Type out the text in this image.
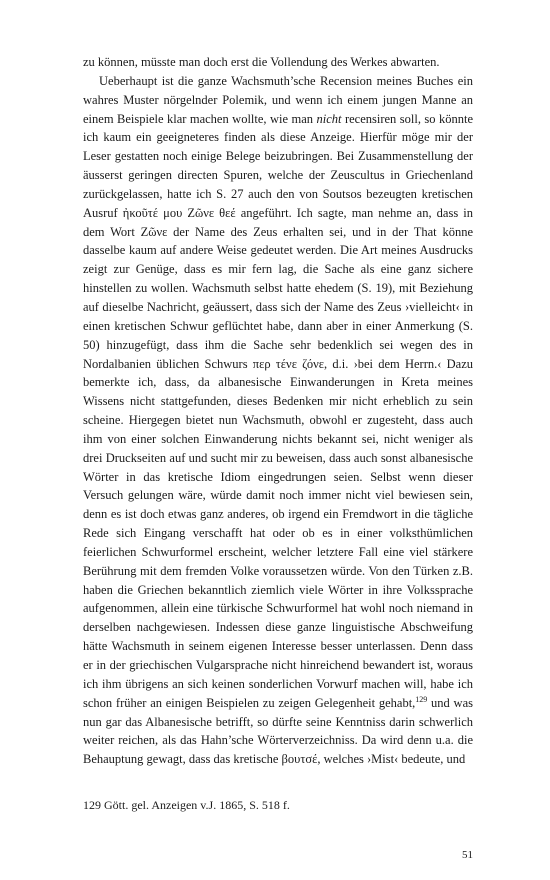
zu können, müsste man doch erst die Vollendung des Werkes abwarten.

Ueberhaupt ist die ganze Wachsmuth’sche Recension meines Buches ein wahres Muster nörgelnder Polemik, und wenn ich einem jungen Manne an einem Beispiele klar machen wollte, wie man nicht recensiren soll, so könnte ich kaum ein geeigneteres finden als diese Anzeige. Hierfür möge mir der Leser gestatten noch einige Belege beizubringen. Bei Zusammenstellung der äusserst geringen directen Spuren, welche der Zeuscultus in Griechenland zurückgelassen, hatte ich S. 27 auch den von Soutsos bezeugten kretischen Ausruf ἠκοῦτέ μου Ζῶνε θεέ angeführt. Ich sagte, man nehme an, dass in dem Wort Ζῶνε der Name des Zeus erhalten sei, und in der That könne dasselbe kaum auf andere Weise gedeutet werden. Die Art meines Ausdrucks zeigt zur Genüge, dass es mir fern lag, die Sache als eine ganz sichere hinstellen zu wollen. Wachsmuth selbst hatte ehedem (S. 19), mit Beziehung auf dieselbe Nachricht, geäussert, dass sich der Name des Zeus ›vielleicht‹ in einen kretischen Schwur geflüchtet habe, dann aber in einer Anmerkung (S. 50) hinzugefügt, dass ihm die Sache sehr bedenklich sei wegen des in Nordalbanien üblichen Schwurs περ τένε ζόνε, d.i. ›bei dem Herrn.‹ Dazu bemerkte ich, dass, da albanesische Einwanderungen in Kreta meines Wissens nicht stattgefunden, dieses Bedenken mir nicht erheblich zu sein scheine. Hiergegen bietet nun Wachsmuth, obwohl er zugesteht, dass auch ihm von einer solchen Einwanderung nichts bekannt sei, nicht weniger als drei Druckseiten auf und sucht mir zu beweisen, dass auch sonst albanesische Wörter in das kretische Idiom eingedrungen seien. Selbst wenn dieser Versuch gelungen wäre, würde damit noch immer nicht viel bewiesen sein, denn es ist doch etwas ganz anderes, ob irgend ein Fremdwort in die tägliche Rede sich Eingang verschafft hat oder ob es in einer volksthümlichen feierlichen Schwurformel erscheint, welcher letztere Fall eine viel stärkere Berührung mit dem fremden Volke voraussetzen würde. Von den Türken z.B. haben die Griechen bekanntlich ziemlich viele Wörter in ihre Volkssprache aufgenommen, allein eine türkische Schwurformel hat wohl noch niemand in derselben nachgewiesen. Indessen diese ganze linguistische Abschweifung hätte Wachsmuth in seinem eigenen Interesse besser unterlassen. Denn dass er in der griechischen Vulgarsprache nicht hinreichend bewandert ist, woraus ich ihm übrigens an sich keinen sonderlichen Vorwurf machen will, habe ich schon früher an einigen Beispielen zu zeigen Gelegenheit gehabt,$^{129}$ und was nun gar das Albanesische betrifft, so dürfte seine Kenntniss darin schwerlich weiter reichen, als das Hahn’sche Wörterverzeichniss. Da wird denn u.a. die Behauptung gewagt, dass das kretische βουτσέ, welches ›Mist‹ bedeute, und

129 Gött. gel. Anzeigen v.J. 1865, S. 518 f.
51
